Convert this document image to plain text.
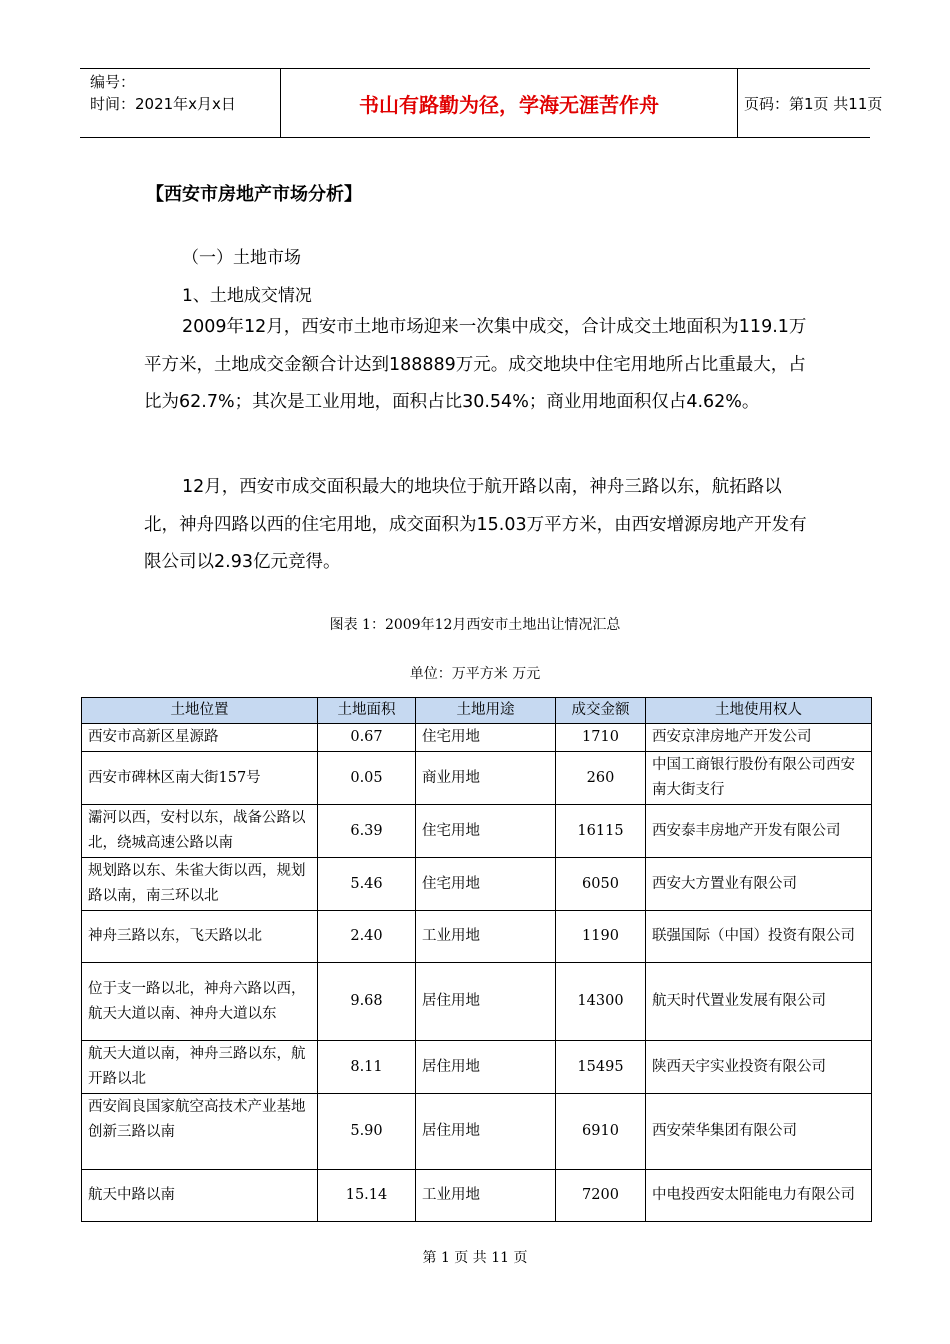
编号：
时间：2021年x月x日	书山有路勤为径，学海无涯苦作舟	页码：第1页 共11页
【西安市房地产市场分析】
（一）土地市场
1、土地成交情况

2009年12月，西安市土地市场迎来一次集中成交，合计成交土地面积为119.1万平方米，土地成交金额合计达到188889万元。成交地块中住宅用地所占比重最大，占比为62.7%；其次是工业用地，面积占比30.54%；商业用地面积仅占4.62%。

12月，西安市成交面积最大的地块位于航开路以南，神舟三路以东，航拓路以北，神舟四路以西的住宅用地，成交面积为15.03万平方米，由西安增源房地产开发有限公司以2.93亿元竞得。

图表 1：2009年12月西安市土地出让情况汇总
单位：万平方米 万元
土地位置	土地面积	土地用途	成交金额	土地使用权人
西安市高新区星源路	0.67	住宅用地	1710	西安京津房地产开发公司
西安市碑林区南大街157号	0.05	商业用地	260	中国工商银行股份有限公司西安南大街支行
灞河以西，安村以东，战备公路以北，绕城高速公路以南	6.39	住宅用地	16115	西安泰丰房地产开发有限公司
规划路以东、朱雀大街以西，规划路以南，南三环以北	5.46	住宅用地	6050	西安大方置业有限公司
神舟三路以东，飞天路以北	2.40	工业用地	1190	联强国际（中国）投资有限公司
位于支一路以北，神舟六路以西，航天大道以南、神舟大道以东	9.68	居住用地	14300	航天时代置业发展有限公司
航天大道以南，神舟三路以东，航开路以北	8.11	居住用地	15495	陕西天宇实业投资有限公司
西安阎良国家航空高技术产业基地创新三路以南	5.90	居住用地	6910	西安荣华集团有限公司
航天中路以南	15.14	工业用地	7200	中电投西安太阳能电力有限公司
第 1 页 共 11 页
